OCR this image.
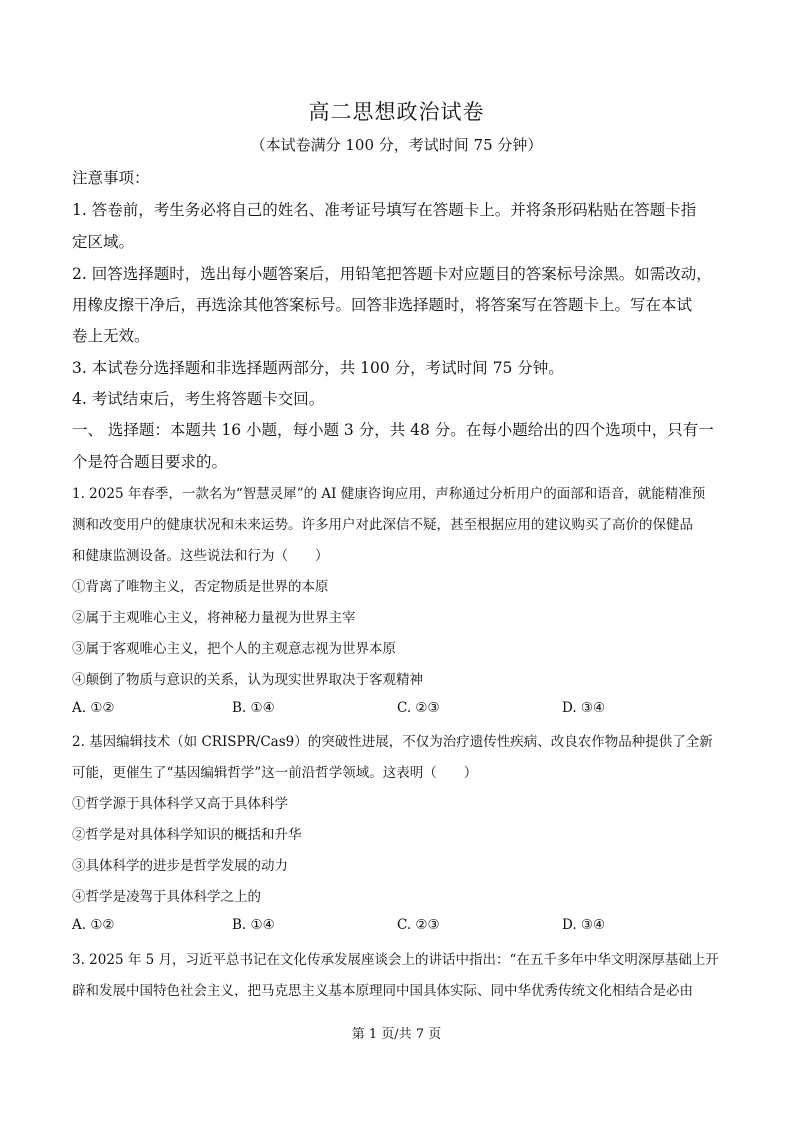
高二思想政治试卷
（本试卷满分 100 分，考试时间 75 分钟）
注意事项：
1. 答卷前，考生务必将自己的姓名、准考证号填写在答题卡上。并将条形码粘贴在答题卡指
定区域。
2. 回答选择题时，选出每小题答案后，用铅笔把答题卡对应题目的答案标号涂黑。如需改动，
用橡皮擦干净后，再选涂其他答案标号。回答非选择题时，将答案写在答题卡上。写在本试
卷上无效。
3. 本试卷分选择题和非选择题两部分，共 100 分，考试时间 75 分钟。
4. 考试结束后，考生将答题卡交回。
一、 选择题：本题共 16 小题，每小题 3 分，共 48 分。在每小题给出的四个选项中，只有一
个是符合题目要求的。
1. 2025 年春季，一款名为“智慧灵犀”的 AI 健康咨询应用，声称通过分析用户的面部和语音，就能精准预
测和改变用户的健康状况和未来运势。许多用户对此深信不疑，甚至根据应用的建议购买了高价的保健品
和健康监测设备。这些说法和行为（　　）
①背离了唯物主义，否定物质是世界的本原
②属于主观唯心主义，将神秘力量视为世界主宰
③属于客观唯心主义，把个人的主观意志视为世界本原
④颠倒了物质与意识的关系，认为现实世界取决于客观精神
A. ①②	B. ①④	C. ②③	D. ③④
2. 基因编辑技术（如 CRISPR/Cas9）的突破性进展，不仅为治疗遗传性疾病、改良农作物品种提供了全新
可能，更催生了“基因编辑哲学”这一前沿哲学领域。这表明（　　）
①哲学源于具体科学又高于具体科学
②哲学是对具体科学知识的概括和升华
③具体科学的进步是哲学发展的动力
④哲学是凌驾于具体科学之上的
A. ①②	B. ①④	C. ②③	D. ③④
3. 2025 年 5 月，习近平总书记在文化传承发展座谈会上的讲话中指出：“在五千多年中华文明深厚基础上开
辟和发展中国特色社会主义，把马克思主义基本原理同中国具体实际、同中华优秀传统文化相结合是必由
第 1 页/共 7 页
